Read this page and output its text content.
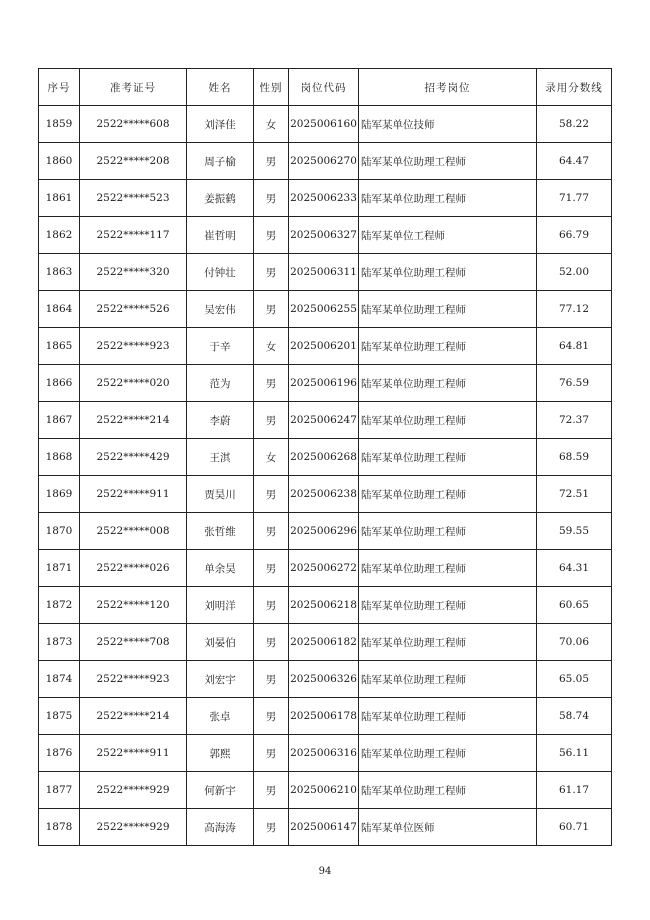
序号	准考证号	姓名	性别	岗位代码	招考岗位	录用分数线
1859	2522*****608	刘泽佳	女	2025006160	陆军某单位技师	58.22
1860	2522*****208	周子榆	男	2025006270	陆军某单位助理工程师	64.47
1861	2522*****523	姜振鹤	男	2025006233	陆军某单位助理工程师	71.77
1862	2522*****117	崔哲明	男	2025006327	陆军某单位工程师	66.79
1863	2522*****320	付钟壮	男	2025006311	陆军某单位助理工程师	52.00
1864	2522*****526	吴宏伟	男	2025006255	陆军某单位助理工程师	77.12
1865	2522*****923	于辛	女	2025006201	陆军某单位助理工程师	64.81
1866	2522*****020	范为	男	2025006196	陆军某单位助理工程师	76.59
1867	2522*****214	李蔚	男	2025006247	陆军某单位助理工程师	72.37
1868	2522*****429	王淇	女	2025006268	陆军某单位助理工程师	68.59
1869	2522*****911	贾昊川	男	2025006238	陆军某单位助理工程师	72.51
1870	2522*****008	张哲维	男	2025006296	陆军某单位助理工程师	59.55
1871	2522*****026	单余昊	男	2025006272	陆军某单位助理工程师	64.31
1872	2522*****120	刘明洋	男	2025006218	陆军某单位助理工程师	60.65
1873	2522*****708	刘晏伯	男	2025006182	陆军某单位助理工程师	70.06
1874	2522*****923	刘宏宇	男	2025006326	陆军某单位助理工程师	65.05
1875	2522*****214	张卓	男	2025006178	陆军某单位助理工程师	58.74
1876	2522*****911	郭熙	男	2025006316	陆军某单位助理工程师	56.11
1877	2522*****929	何新宇	男	2025006210	陆军某单位助理工程师	61.17
1878	2522*****929	高海涛	男	2025006147	陆军某单位医师	60.71
94
